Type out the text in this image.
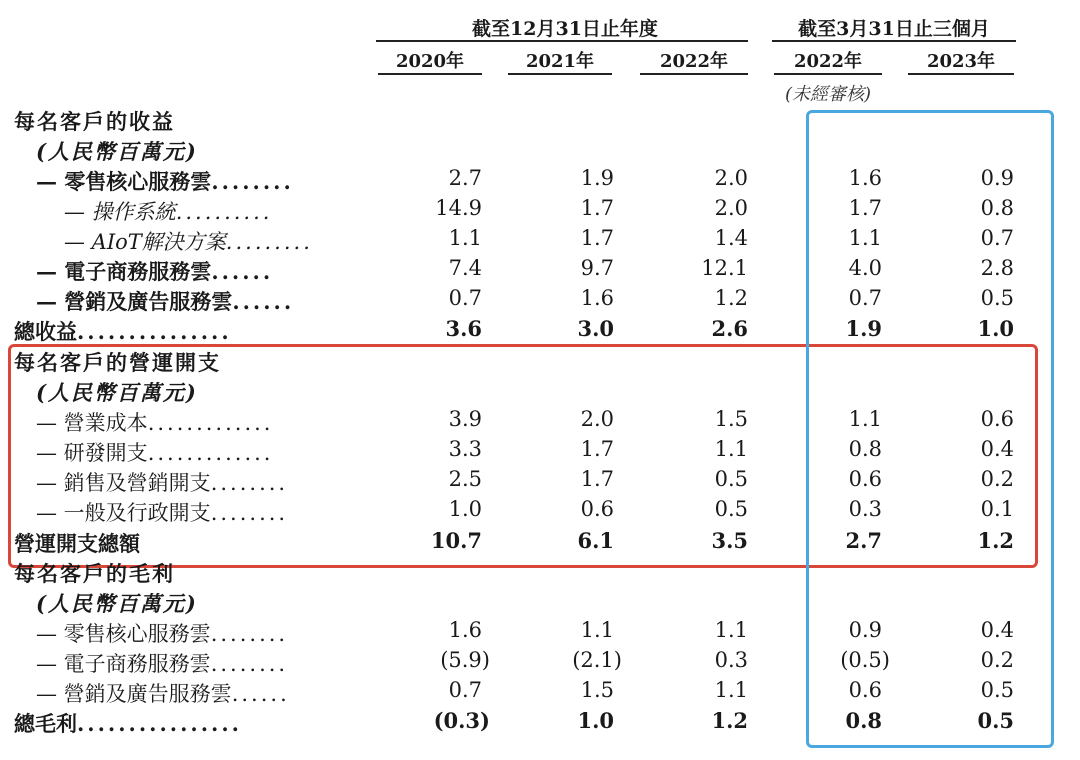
截至12月31日止年度	截至3月31日止三個月
2020年	2021年	2022年	2022年	2023年
(未經審核)
每名客戶的收益
(人民幣百萬元)
— 零售核心服務雲........	2.7	1.9	2.0	1.6	0.9
— 操作系統..........	14.9	1.7	2.0	1.7	0.8
— AIoT解決方案.........	1.1	1.7	1.4	1.1	0.7
— 電子商務服務雲......	7.4	9.7	12.1	4.0	2.8
— 營銷及廣告服務雲......	0.7	1.6	1.2	0.7	0.5
總收益...............	3.6	3.0	2.6	1.9	1.0
每名客戶的營運開支
(人民幣百萬元)
— 營業成本.............	3.9	2.0	1.5	1.1	0.6
— 研發開支.............	3.3	1.7	1.1	0.8	0.4
— 銷售及營銷開支........	2.5	1.7	0.5	0.6	0.2
— 一般及行政開支........	1.0	0.6	0.5	0.3	0.1
營運開支總額	10.7	6.1	3.5	2.7	1.2
每名客戶的毛利
(人民幣百萬元)
— 零售核心服務雲........	1.6	1.1	1.1	0.9	0.4
— 電子商務服務雲........	(5.9)	(2.1)	0.3	(0.5)	0.2
— 營銷及廣告服務雲......	0.7	1.5	1.1	0.6	0.5
總毛利................	(0.3)	1.0	1.2	0.8	0.5
